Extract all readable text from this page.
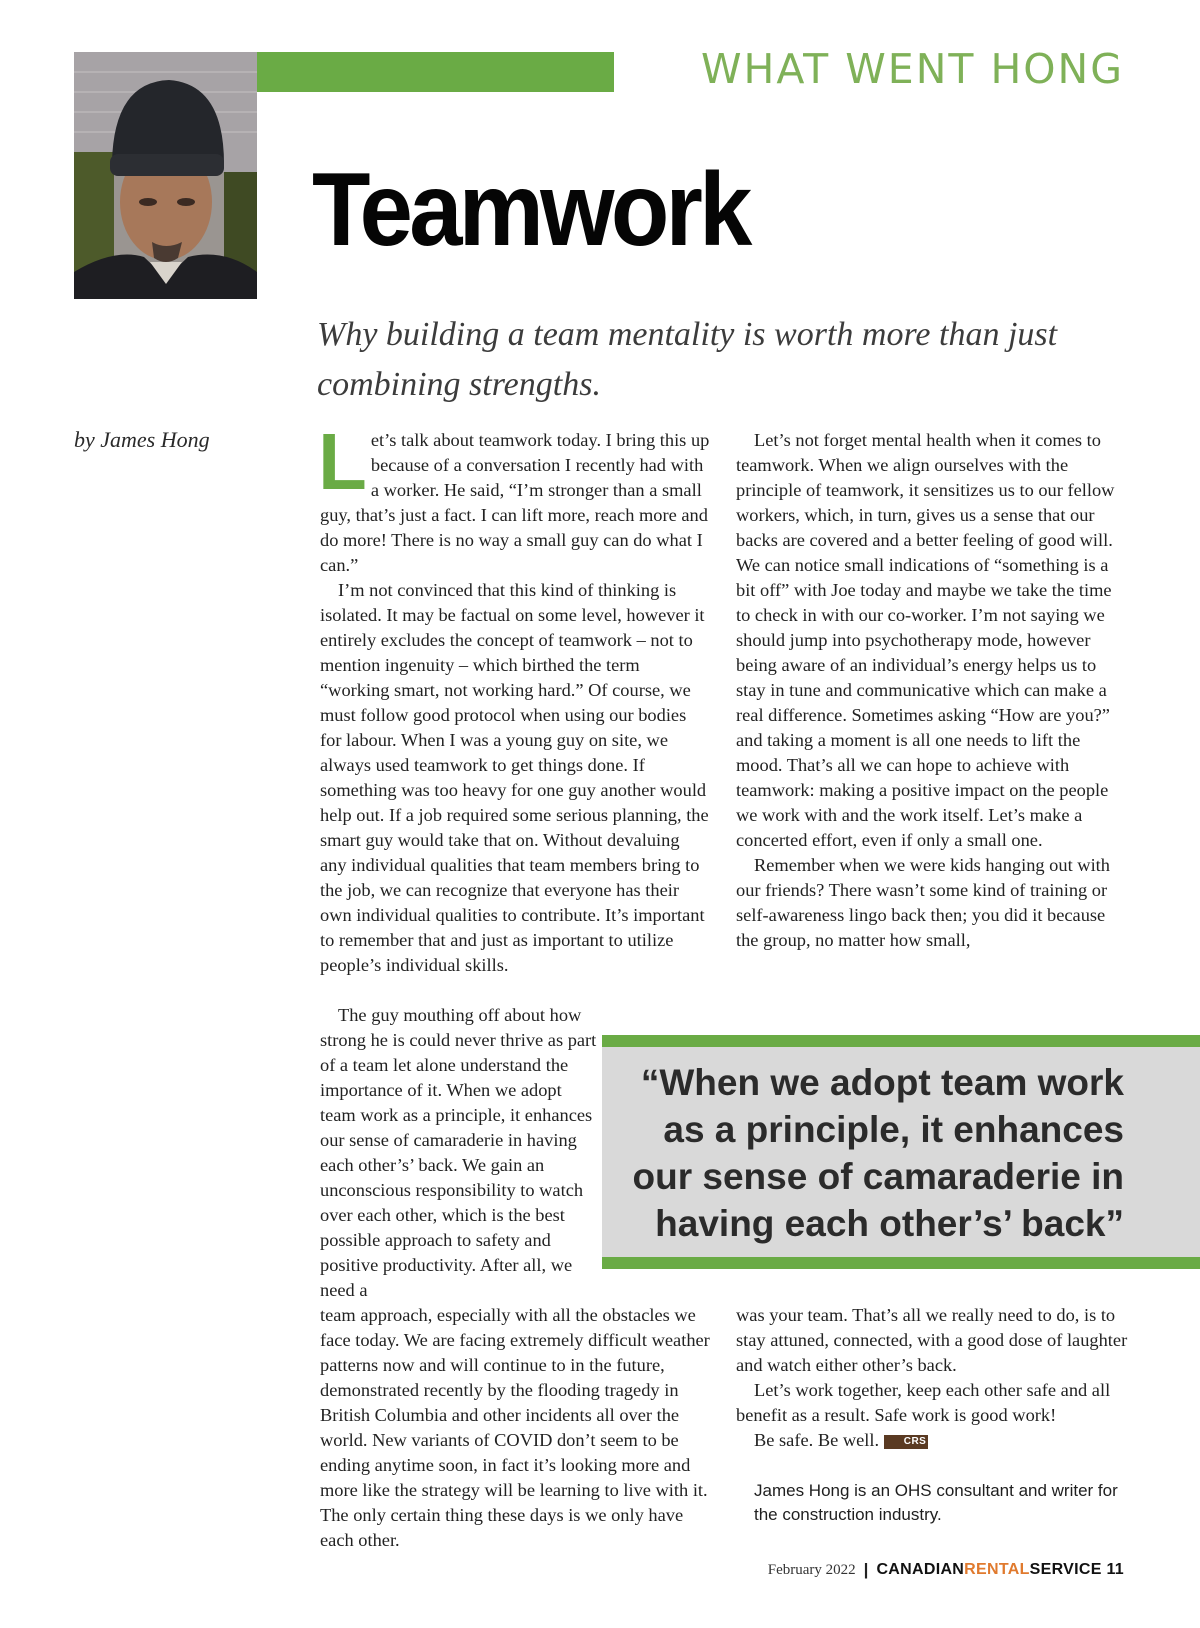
WHAT WENT HONG
Teamwork
Why building a team mentality is worth more than just combining strengths.
by James Hong Let’s talk about teamwork today. I bring this up because of a conversation I recently had with a worker. He said, “I’m stronger than a small guy, that’s just a fact. I can lift more, reach more and do more! There is no way a small guy can do what I can.”

I’m not convinced that this kind of thinking is isolated. It may be factual on some level, however it entirely excludes the concept of teamwork – not to mention ingenuity – which birthed the term “working smart, not working hard.” Of course, we must follow good protocol when using our bodies for labour. When I was a young guy on site, we always used teamwork to get things done. If something was too heavy for one guy another would help out. If a job required some serious planning, the smart guy would take that on. Without devaluing any individual qualities that team members bring to the job, we can recognize that everyone has their own individual qualities to contribute. It’s important to remember that and just as important to utilize people’s individual skills.

The guy mouthing off about how strong he is could never thrive as part of a team let alone understand the importance of it. When we adopt team work as a principle, it enhances our sense of camaraderie in having each other’s’ back. We gain an unconscious responsibility to watch over each other, which is the best possible approach to safety and positive productivity. After all, we need a

team approach, especially with all the obstacles we face today. We are facing extremely difficult weather patterns now and will continue to in the future, demonstrated recently by the flooding tragedy in British Columbia and other incidents all over the world. New variants of COVID don’t seem to be ending anytime soon, in fact it’s looking more and more like the strategy will be learning to live with it. The only certain thing these days is we only have each other.

Let’s not forget mental health when it comes to teamwork. When we align ourselves with the principle of teamwork, it sensitizes us to our fellow workers, which, in turn, gives us a sense that our backs are covered and a better feeling of good will. We can notice small indications of “something is a bit off” with Joe today and maybe we take the time to check in with our co-worker. I’m not saying we should jump into psychotherapy mode, however being aware of an individual’s energy helps us to stay in tune and communicative which can make a real difference. Sometimes asking “How are you?” and taking a moment is all one needs to lift the mood. That’s all we can hope to achieve with teamwork: making a positive impact on the people we work with and the work itself. Let’s make a concerted effort, even if only a small one.

Remember when we were kids hanging out with our friends? There wasn’t some kind of training or self-awareness lingo back then; you did it because the group, no matter how small,

was your team. That’s all we really need to do, is to stay attuned, connected, with a good dose of laughter and watch either other’s back.

Let’s work together, keep each other safe and all benefit as a result. Safe work is good work!

Be safe. Be well. CRS

James Hong is an OHS consultant and writer for the construction industry.
“When we adopt team work as a principle, it enhances our sense of camaraderie in having each other’s’ back”
February 2022 | CANADIANRENTALSERVICE 11
